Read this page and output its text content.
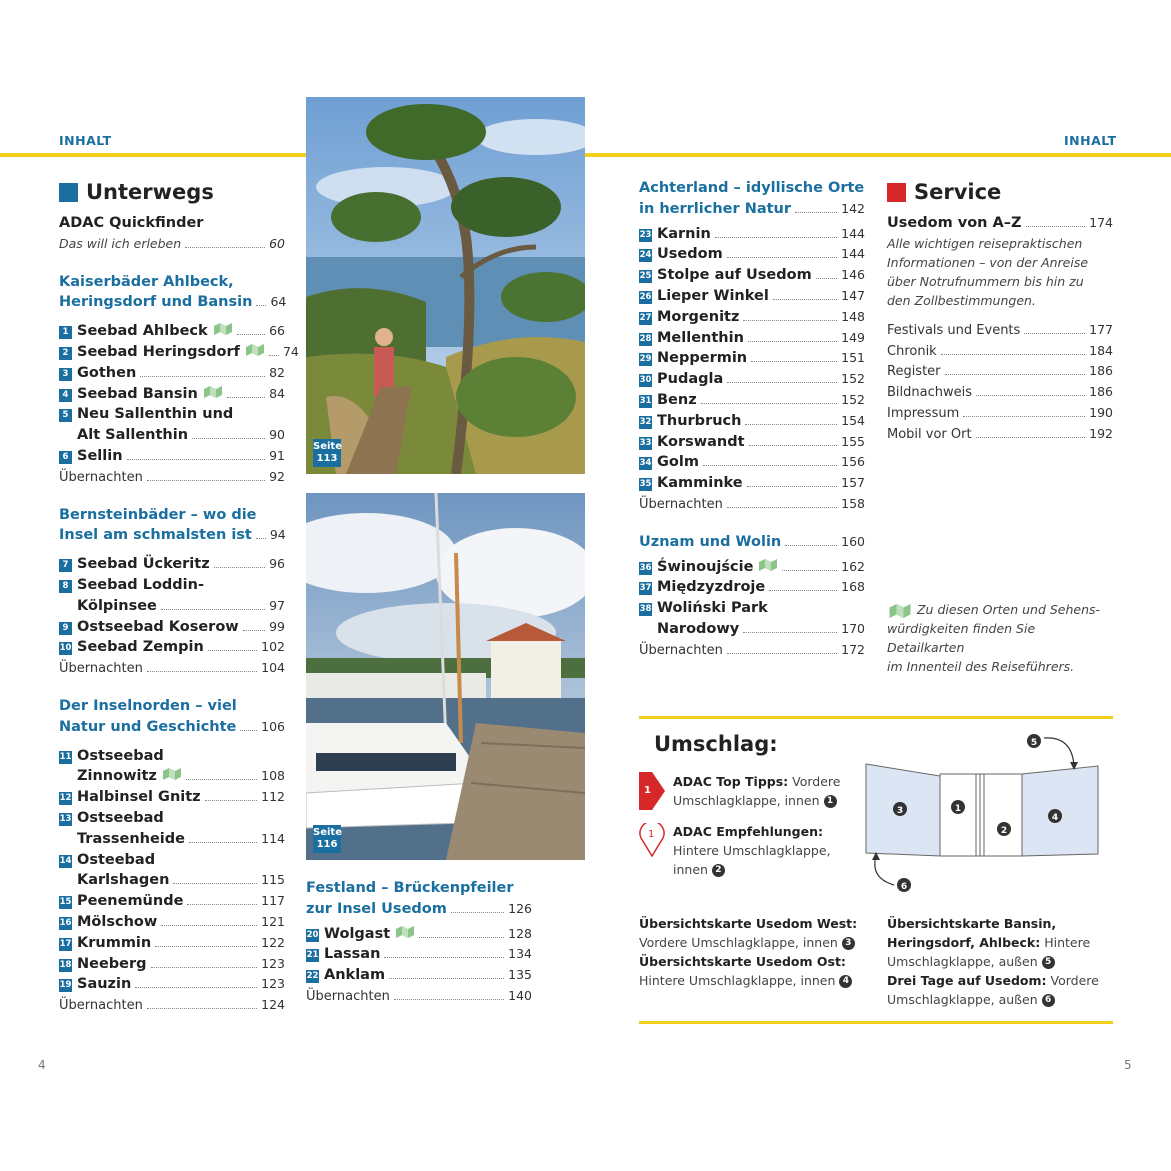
INHALT	INHALT
4	5
Unterwegs
ADAC Quickfinder
Das will ich erleben	60
Kaiserbäder Ahlbeck,
Heringsdorf und Bansin 64
1 Seebad Ahlbeck	66
2 Seebad Heringsdorf	74
3 Gothen	82
4 Seebad Bansin	84
5 Neu Sallenthin und
Alt Sallenthin	90
6 Sellin	91
Übernachten	92
Bernsteinbäder – wo die
Insel am schmalsten ist 94
7 Seebad Ückeritz	96
8 Seebad Loddin-
Kölpinsee	97
9 Ostseebad Koserow 99
10 Seebad Zempin	102
Übernachten	104
Der Inselnorden – viel
Natur und Geschichte 106
11 Ostseebad
Zinnowitz	108
12 Halbinsel Gnitz	112
13 Ostseebad
Trassenheide	114
14 Osteebad
Karlshagen	115
15 Peenemünde	117
16 Mölschow	121
17 Krummin	122
18 Neeberg	123
19 Sauzin	123
Übernachten	124
Seite
113
Seite
116
Festland – Brückenpfeiler
zur Insel Usedom	126
20 Wolgast	128
21 Lassan	134
22 Anklam	135
Übernachten	140
Achterland – idyllische Orte
in herrlicher Natur	142
23 Karnin	144
24 Usedom	144
25 Stolpe auf Usedom 146
26 Lieper Winkel	147
27 Morgenitz	148
28 Mellenthin	149
29 Neppermin	151
30 Pudagla	152
31 Benz	152
32 Thurbruch	154
33 Korswandt	155
34 Golm	156
35 Kamminke	157
Übernachten	158
Uznam und Wolin	160
36 Świnoujście	162
37 Międzyzdroje	168
38 Woliński Park
Narodowy	170
Übernachten	172
Service
Usedom von A–Z	174
Alle wichtigen reisepraktischen
Informationen – von der Anreise
über Notrufnummern bis hin zu
den Zollbestimmungen.
Festivals und Events	177
Chronik	184
Register	186
Bildnachweis	186
Impressum	190
Mobil vor Ort	192
Zu diesen Orten und Sehens-
würdigkeiten finden Sie Detailkarten
im Innenteil des Reiseführers.
Umschlag:
1
ADAC Top Tipps: Vordere
Umschlagklappe, innen 1
1 ADAC Empfehlungen:
Hintere Umschlagklappe,
innen 2
3	1
2
4
5
6
Übersichtskarte Usedom West:
Vordere Umschlagklappe, innen 3
Übersichtskarte Usedom Ost:
Hintere Umschlagklappe, innen 4
Übersichtskarte Bansin,
Heringsdorf, Ahlbeck: Hintere
Umschlagklappe, außen 5
Drei Tage auf Usedom: Vordere
Umschlagklappe, außen 6
